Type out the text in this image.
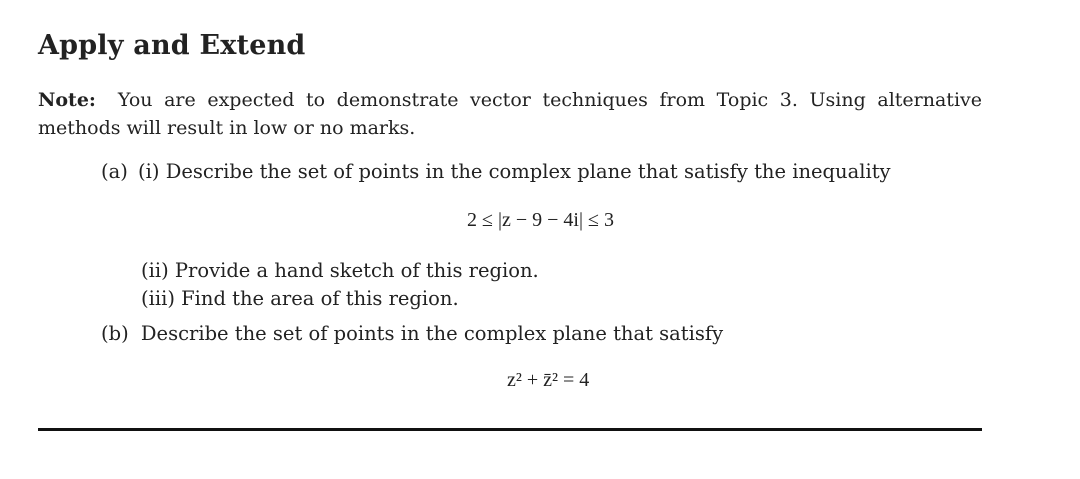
Apply and Extend
Note: You are expected to demonstrate vector techniques from Topic 3. Using alternative methods will result in low or no marks.
(a) (i) Describe the set of points in the complex plane that satisfy the inequality
2 ≤ |z − 9 − 4i| ≤ 3
(ii) Provide a hand sketch of this region.
(iii) Find the area of this region.
(b) Describe the set of points in the complex plane that satisfy
z² + z̄² = 4
